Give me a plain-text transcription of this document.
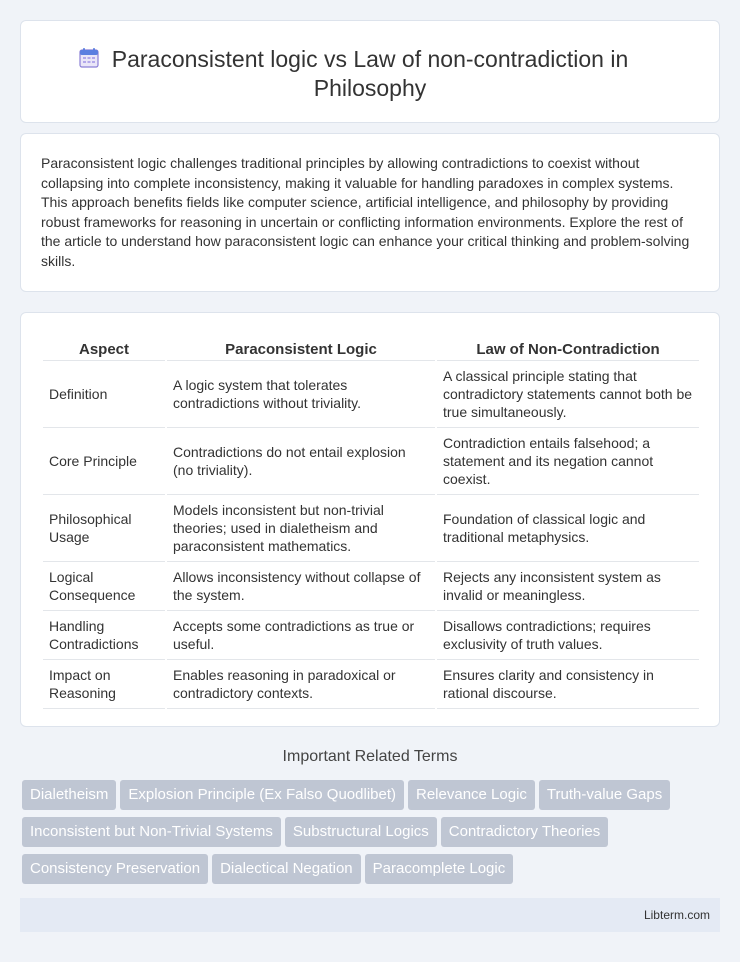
Paraconsistent logic vs Law of non-contradiction in
Philosophy

Paraconsistent logic challenges traditional principles by allowing contradictions to coexist without collapsing into complete inconsistency, making it valuable for handling paradoxes in complex systems. This approach benefits fields like computer science, artificial intelligence, and philosophy by providing robust frameworks for reasoning in uncertain or conflicting information environments. Explore the rest of the article to understand how paraconsistent logic can enhance your critical thinking and problem-solving skills.

Aspect	Paraconsistent Logic	Law of Non-Contradiction
Definition	A logic system that tolerates contradictions without triviality.	A classical principle stating that contradictory statements cannot both be true simultaneously.
Core Principle	Contradictions do not entail explosion (no triviality).	Contradiction entails falsehood; a statement and its negation cannot coexist.
Philosophical Usage	Models inconsistent but non-trivial theories; used in dialetheism and paraconsistent mathematics.	Foundation of classical logic and traditional metaphysics.
Logical Consequence	Allows inconsistency without collapse of the system.	Rejects any inconsistent system as invalid or meaningless.
Handling Contradictions	Accepts some contradictions as true or useful.	Disallows contradictions; requires exclusivity of truth values.
Impact on Reasoning	Enables reasoning in paradoxical or contradictory contexts.	Ensures clarity and consistency in rational discourse.
Important Related Terms
Dialetheism Explosion Principle (Ex Falso Quodlibet) Relevance Logic Truth-value Gaps
Inconsistent but Non-Trivial Systems Substructural Logics Contradictory Theories
Consistency Preservation Dialectical Negation Paracomplete Logic
Libterm.com
